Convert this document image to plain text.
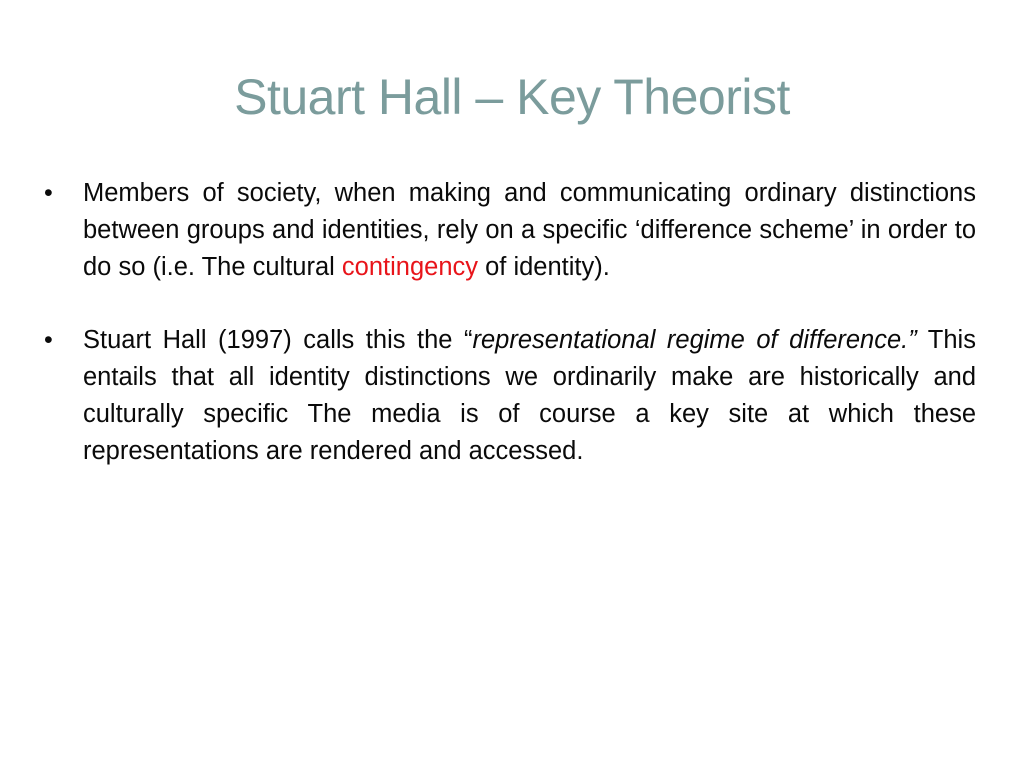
Stuart Hall – Key Theorist

•	Members of society, when making and communicating ordinary distinctions between groups and identities, rely on a specific ‘difference scheme’ in order to do so (i.e. The cultural contingency of identity).

•	Stuart Hall (1997) calls this the “representational regime of difference.” This entails that all identity distinctions we ordinarily make are historically and culturally specific The media is of course a key site at which these representations are rendered and accessed.
